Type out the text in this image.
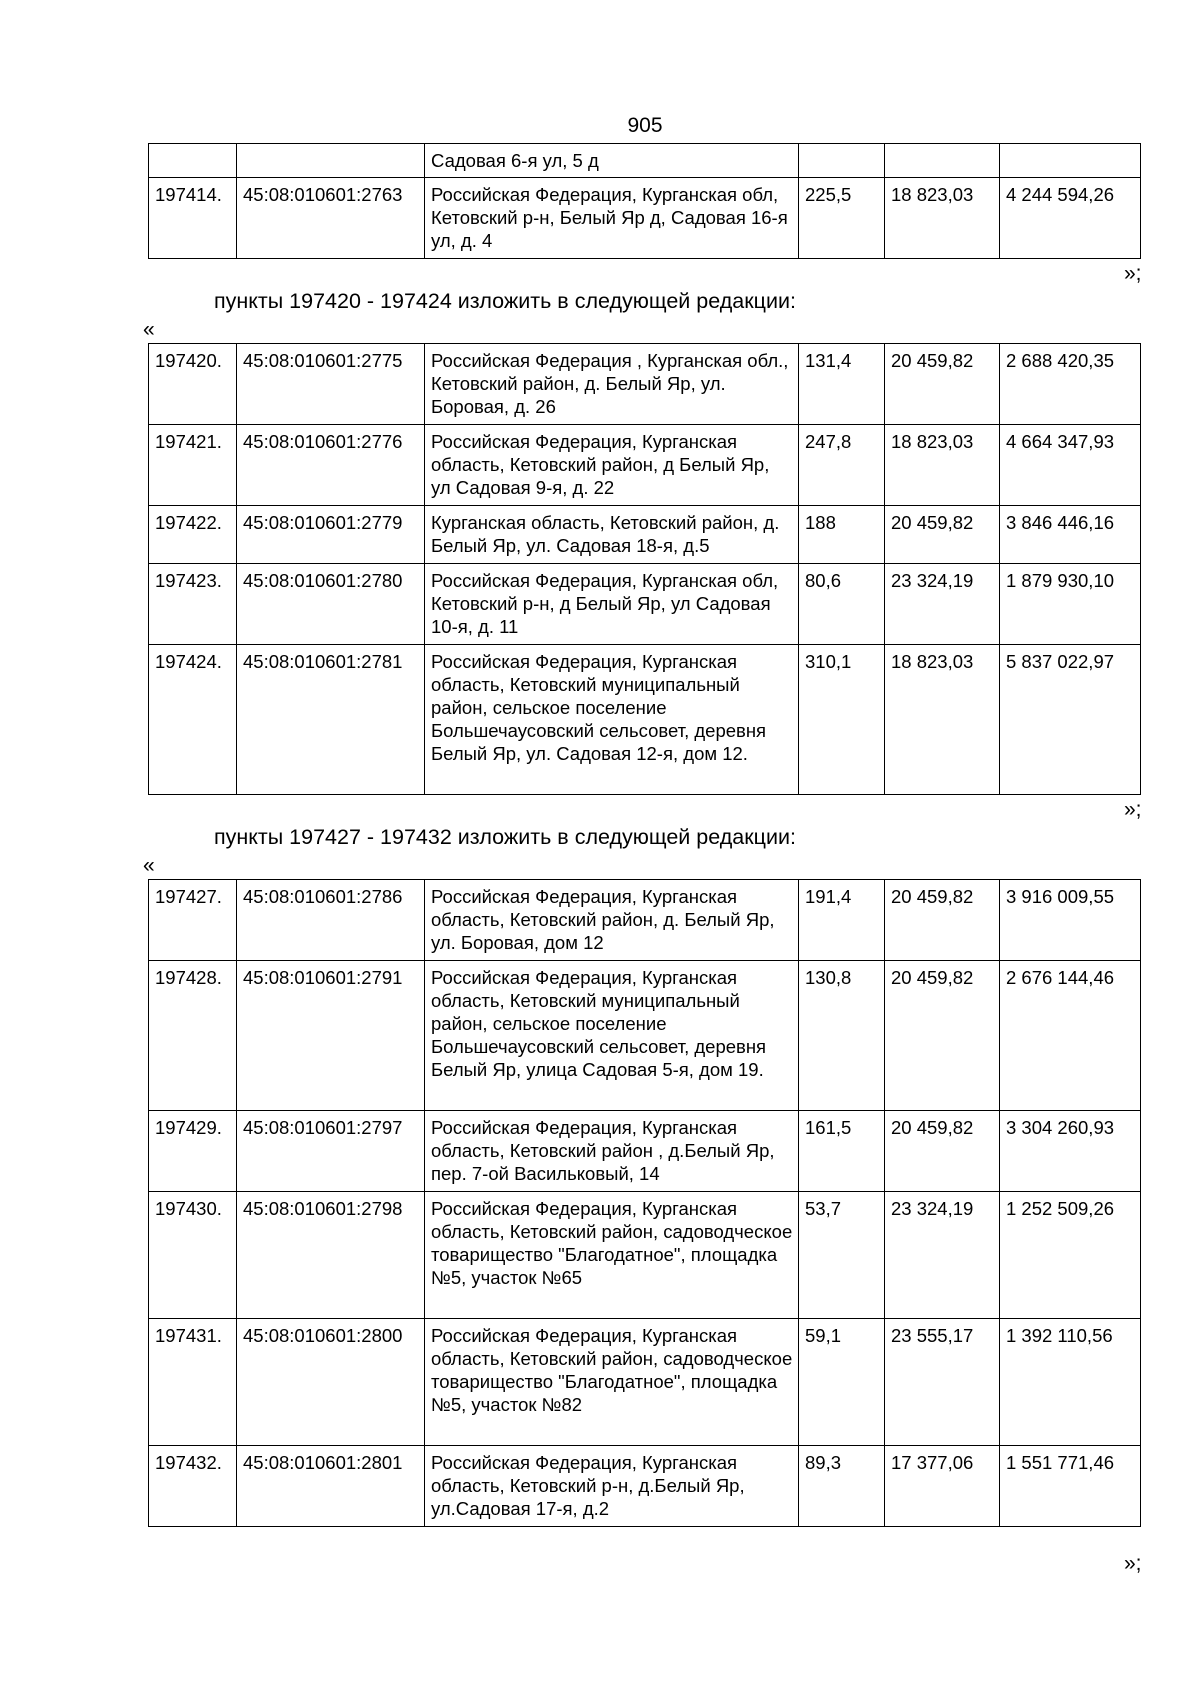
905
		Садовая 6-я ул, 5 д			
197414.	45:08:010601:2763	Российская Федерация, Курганская обл, Кетовский р-н, Белый Яр д, Садовая 16-я ул, д. 4	225,5	18 823,03	4 244 594,26
»;
пункты 197420 - 197424 изложить в следующей редакции:
«
197420.	45:08:010601:2775	Российская Федерация , Курганская обл., Кетовский район, д. Белый Яр, ул. Боровая, д. 26	131,4	20 459,82	2 688 420,35
197421.	45:08:010601:2776	Российская Федерация, Курганская область, Кетовский район, д Белый Яр, ул Садовая 9-я, д. 22	247,8	18 823,03	4 664 347,93
197422.	45:08:010601:2779	Курганская область, Кетовский район, д. Белый Яр, ул. Садовая 18-я, д.5	188	20 459,82	3 846 446,16
197423.	45:08:010601:2780	Российская Федерация, Курганская обл, Кетовский р-н, д Белый Яр, ул Садовая 10-я, д. 11	80,6	23 324,19	1 879 930,10
197424.	45:08:010601:2781	Российская Федерация, Курганская область, Кетовский муниципальный район, сельское поселение Большечаусовский сельсовет, деревня Белый Яр, ул. Садовая 12-я, дом 12.	310,1	18 823,03	5 837 022,97
»;
пункты 197427 - 197432 изложить в следующей редакции:
«
197427.	45:08:010601:2786	Российская Федерация, Курганская область, Кетовский район, д. Белый Яр, ул. Боровая, дом 12	191,4	20 459,82	3 916 009,55
197428.	45:08:010601:2791	Российская Федерация, Курганская область, Кетовский муниципальный район, сельское поселение Большечаусовский сельсовет, деревня Белый Яр, улица Садовая 5-я, дом 19.	130,8	20 459,82	2 676 144,46
197429.	45:08:010601:2797	Российская Федерация, Курганская область, Кетовский район , д.Белый Яр, пер. 7-ой Васильковый, 14	161,5	20 459,82	3 304 260,93
197430.	45:08:010601:2798	Российская Федерация, Курганская область, Кетовский район, садоводческое товарищество "Благодатное", площадка №5, участок №65	53,7	23 324,19	1 252 509,26
197431.	45:08:010601:2800	Российская Федерация, Курганская область, Кетовский район, садоводческое товарищество "Благодатное", площадка №5, участок №82	59,1	23 555,17	1 392 110,56
197432.	45:08:010601:2801	Российская Федерация, Курганская область, Кетовский р-н, д.Белый Яр, ул.Садовая 17-я, д.2	89,3	17 377,06	1 551 771,46
»;
